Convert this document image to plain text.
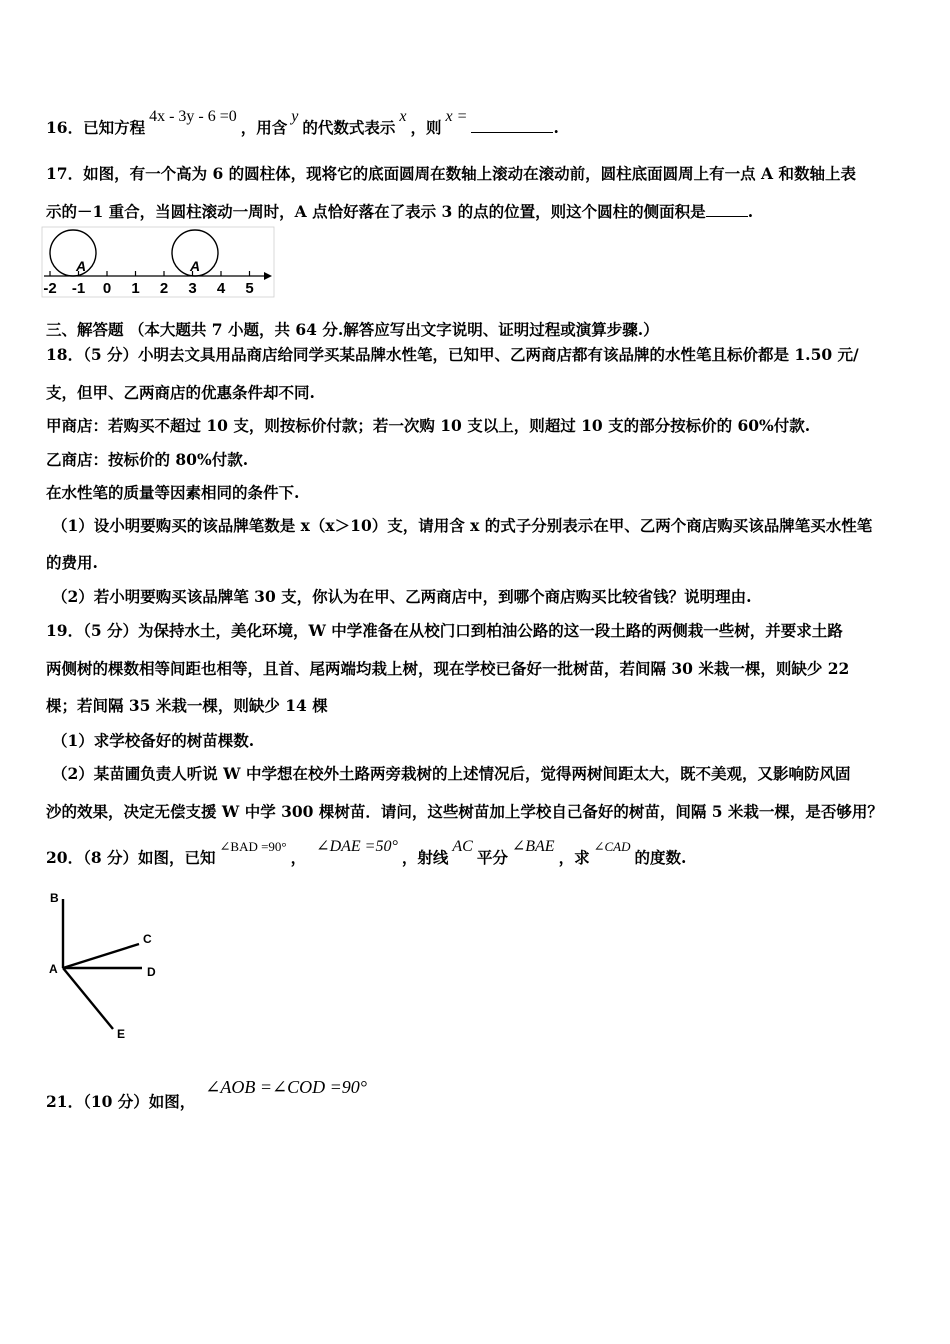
16．已知方程4x - 3y - 6 =0，用含y的代数式表示x，则x =.
17．如图，有一个高为 6 的圆柱体，现将它的底面圆周在数轴上滚动在滚动前，圆柱底面圆周上有一点 A 和数轴上表
示的－1 重合，当圆柱滚动一周时，A 点恰好落在了表示 3 的点的位置，则这个圆柱的侧面积是	.
A	A
-2 -1 0 1 2 3 4 5
三、解答题 （本大题共 7 小题，共 64 分.解答应写出文字说明、证明过程或演算步骤.）
18．（5 分）小明去文具用品商店给同学买某品牌水性笔，已知甲、乙两商店都有该品牌的水性笔且标价都是 1.50 元/
支，但甲、乙两商店的优惠条件却不同.
甲商店：若购买不超过 10 支，则按标价付款；若一次购 10 支以上，则超过 10 支的部分按标价的 60%付款.
乙商店：按标价的 80%付款.
在水性笔的质量等因素相同的条件下.
（1）设小明要购买的该品牌笔数是 x（x＞10）支，请用含 x 的式子分别表示在甲、乙两个商店购买该品牌笔买水性笔
的费用.
（2）若小明要购买该品牌笔 30 支，你认为在甲、乙两商店中，到哪个商店购买比较省钱？说明理由.
19．（5 分）为保持水土，美化环境，W 中学准备在从校门口到柏油公路的这一段土路的两侧栽一些树，并要求土路
两侧树的棵数相等间距也相等，且首、尾两端均栽上树，现在学校已备好一批树苗，若间隔 30 米栽一棵，则缺少 22
棵；若间隔 35 米栽一棵，则缺少 14 棵
（1）求学校备好的树苗棵数.
（2）某苗圃负责人听说 W 中学想在校外土路两旁栽树的上述情况后，觉得两树间距太大，既不美观，又影响防风固
沙的效果，决定无偿支援 W 中学 300 棵树苗．请问，这些树苗加上学校自己备好的树苗，间隔 5 米栽一棵，是否够用？
20．（8 分）如图，已知∠BAD =90°，∠DAE =50°，射线AC平分∠BAE，求∠CAD的度数.
B
C
A	D
E
21．（10 分）如图，∠AOB =∠COD =90°
